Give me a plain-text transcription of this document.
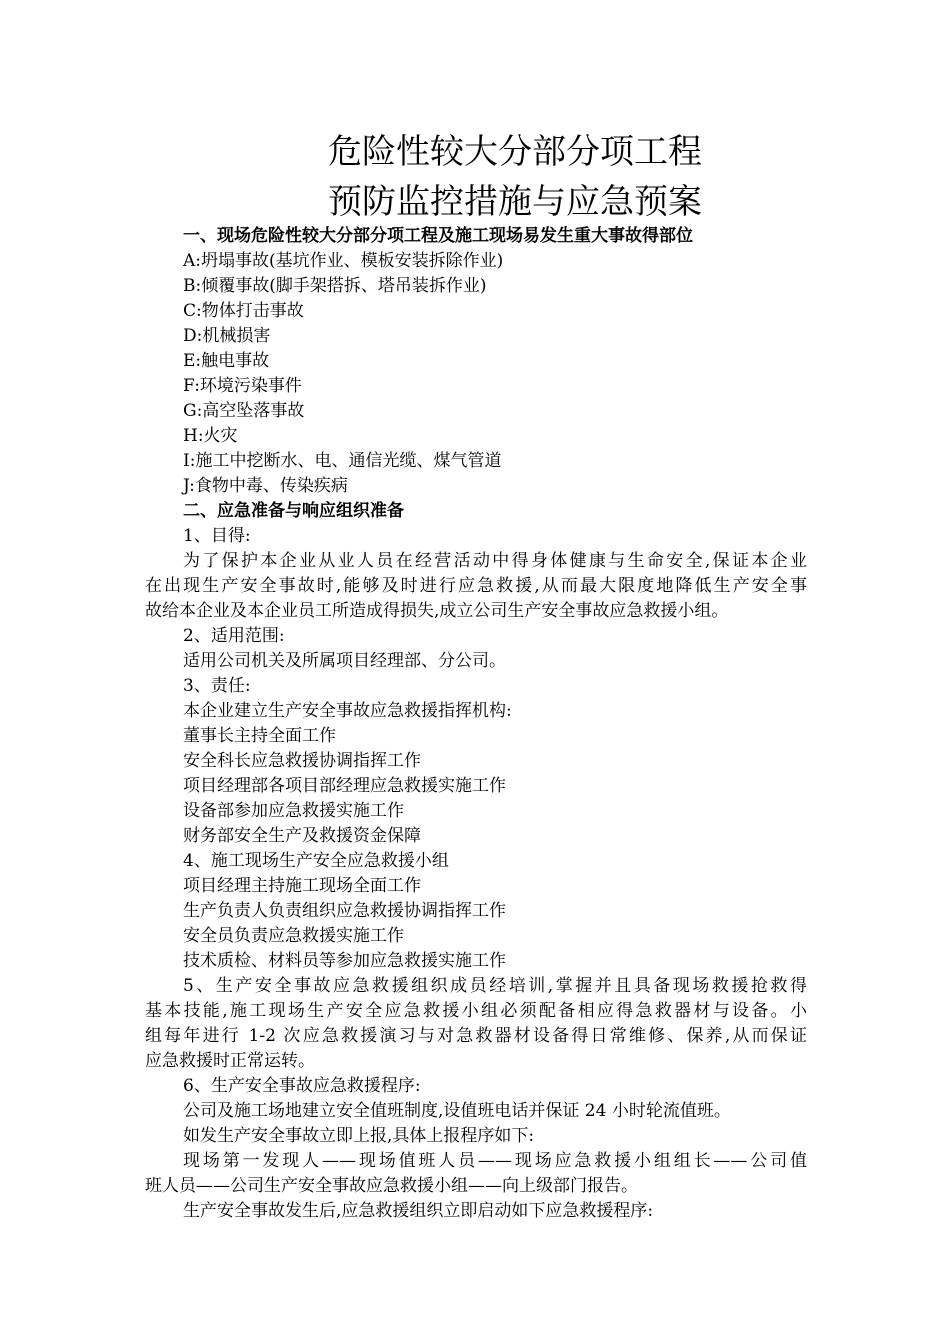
危险性较大分部分项工程
预防监控措施与应急预案
一、现场危险性较大分部分项工程及施工现场易发生重大事故得部位
A:坍塌事故(基坑作业、模板安装拆除作业)
B:倾覆事故(脚手架搭拆、塔吊装拆作业)
C:物体打击事故
D:机械损害
E:触电事故
F:环境污染事件
G:高空坠落事故
H:火灾
I:施工中挖断水、电、通信光缆、煤气管道
J:食物中毒、传染疾病
二、应急准备与响应组织准备
1、目得:
为了保护本企业从业人员在经营活动中得身体健康与生命安全,保证本企业
在出现生产安全事故时,能够及时进行应急救援,从而最大限度地降低生产安全事
故给本企业及本企业员工所造成得损失,成立公司生产安全事故应急救援小组。
2、适用范围:
适用公司机关及所属项目经理部、分公司。
3、责任:
本企业建立生产安全事故应急救援指挥机构:
董事长主持全面工作
安全科长应急救援协调指挥工作
项目经理部各项目部经理应急救援实施工作
设备部参加应急救援实施工作
财务部安全生产及救援资金保障
4、施工现场生产安全应急救援小组
项目经理主持施工现场全面工作
生产负责人负责组织应急救援协调指挥工作
安全员负责应急救援实施工作
技术质检、材料员等参加应急救援实施工作
5、生产安全事故应急救援组织成员经培训,掌握并且具备现场救援抢救得
基本技能,施工现场生产安全应急救援小组必须配备相应得急救器材与设备。小
组每年进行 1-2 次应急救援演习与对急救器材设备得日常维修、保养,从而保证
应急救援时正常运转。
6、生产安全事故应急救援程序:
公司及施工场地建立安全值班制度,设值班电话并保证 24 小时轮流值班。
如发生产安全事故立即上报,具体上报程序如下:
现场第一发现人——现场值班人员——现场应急救援小组组长——公司值
班人员——公司生产安全事故应急救援小组——向上级部门报告。
生产安全事故发生后,应急救援组织立即启动如下应急救援程序:
